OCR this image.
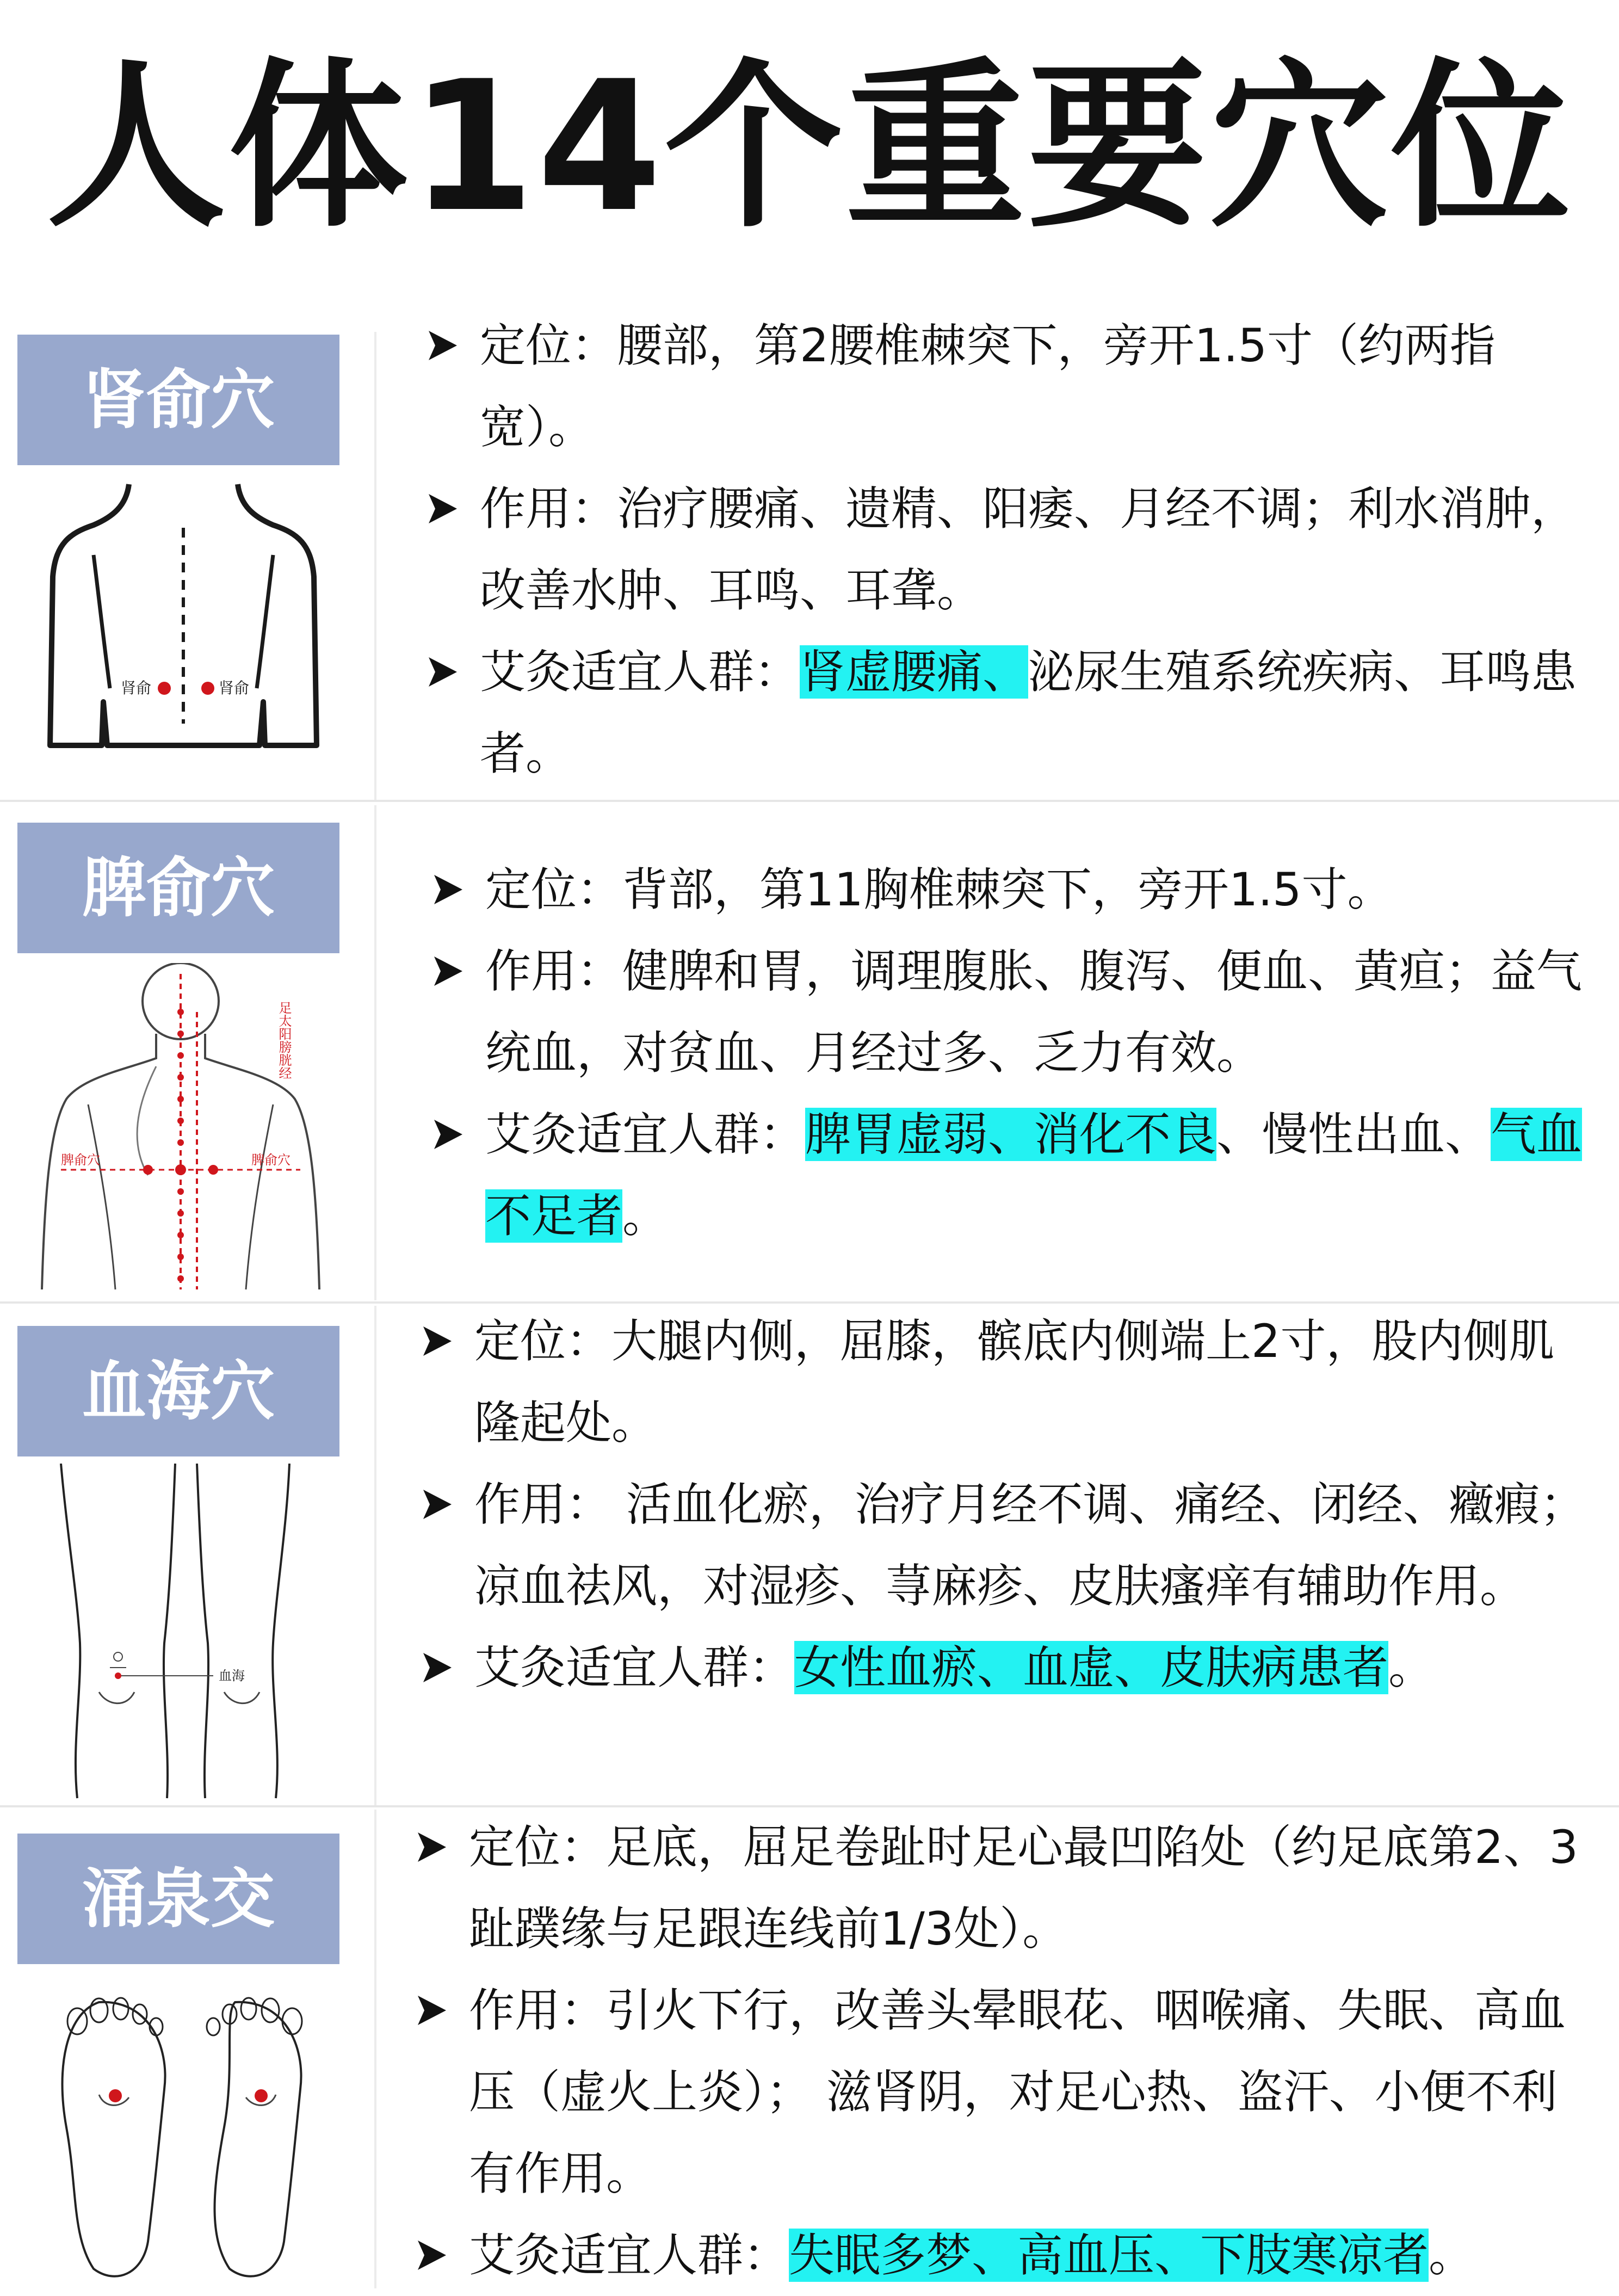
人体14个重要穴位
肾俞穴
肾俞	肾俞
定位：腰部，第2腰椎棘突下，旁开1.5寸（约两指宽）。
作用：治疗腰痛、遗精、阳痿、月经不调；利水消肿，改善水肿、耳鸣、耳聋。
艾灸适宜人群：肾虚腰痛、泌尿生殖系统疾病、耳鸣患者。
脾俞穴
脾俞穴	脾俞穴
足太阳膀胱经
定位：背部，第11胸椎棘突下，旁开1.5寸。
作用：健脾和胃，调理腹胀、腹泻、便血、黄疸；益气统血，对贫血、月经过多、乏力有效。
艾灸适宜人群：脾胃虚弱、消化不良、慢性出血、气血不足者。
血海穴
血海
定位：大腿内侧，屈膝，髌底内侧端上2寸，股内侧肌隆起处。
作用： 活血化瘀，治疗月经不调、痛经、闭经、癥瘕；凉血祛风，对湿疹、荨麻疹、皮肤瘙痒有辅助作用。
艾灸适宜人群：女性血瘀、血虚、皮肤病患者。
涌泉交
定位：足底，屈足卷趾时足心最凹陷处（约足底第2、3趾蹼缘与足跟连线前1/3处）。
作用：引火下行，改善头晕眼花、咽喉痛、失眠、高血压（虚火上炎）； 滋肾阴，对足心热、盗汗、小便不利有作用。
艾灸适宜人群：失眠多梦、高血压、下肢寒凉者。
